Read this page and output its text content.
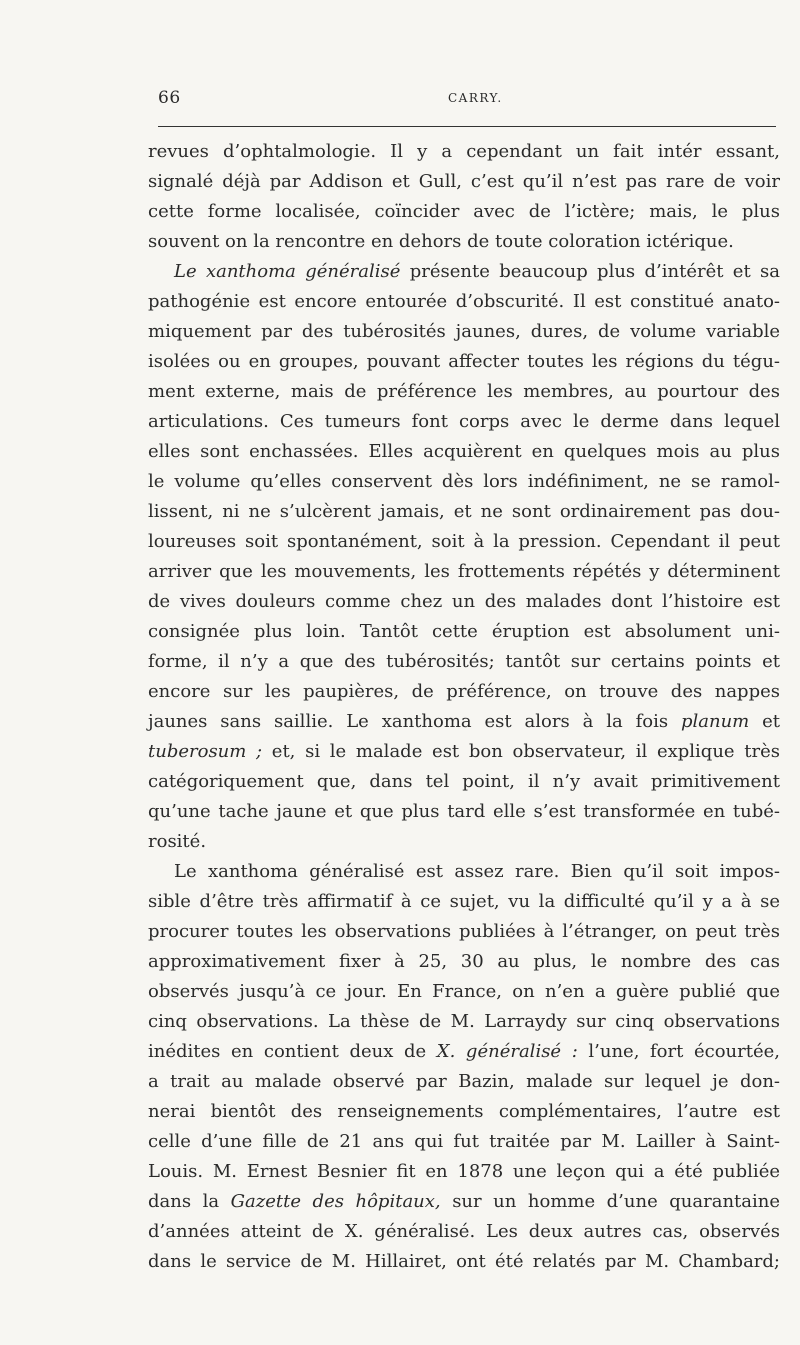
66	CARRY.
revues d’ophtalmologie. Il y a cependant un fait intér essant,
signalé déjà par Addison et Gull, c’est qu’il n’est pas rare de voir
cette forme localisée, coïncider avec de l’ictère; mais, le plus
souvent on la rencontre en dehors de toute coloration ictérique.
Le xanthoma généralisé présente beaucoup plus d’intérêt et sa
pathogénie est encore entourée d’obscurité. Il est constitué anato-
miquement par des tubérosités jaunes, dures, de volume variable
isolées ou en groupes, pouvant affecter toutes les régions du tégu-
ment externe, mais de préférence les membres, au pourtour des
articulations. Ces tumeurs font corps avec le derme dans lequel
elles sont enchassées. Elles acquièrent en quelques mois au plus
le volume qu’elles conservent dès lors indéfiniment, ne se ramol-
lissent, ni ne s’ulcèrent jamais, et ne sont ordinairement pas dou-
loureuses soit spontanément, soit à la pression. Cependant il peut
arriver que les mouvements, les frottements répétés y déterminent
de vives douleurs comme chez un des malades dont l’histoire est
consignée plus loin. Tantôt cette éruption est absolument uni-
forme, il n’y a que des tubérosités; tantôt sur certains points et
encore sur les paupières, de préférence, on trouve des nappes
jaunes sans saillie. Le xanthoma est alors à la fois planum et
tuberosum ; et, si le malade est bon observateur, il explique très
catégoriquement que, dans tel point, il n’y avait primitivement
qu’une tache jaune et que plus tard elle s’est transformée en tubé-
rosité.
Le xanthoma généralisé est assez rare. Bien qu’il soit impos-
sible d’être très affirmatif à ce sujet, vu la difficulté qu’il y a à se
procurer toutes les observations publiées à l’étranger, on peut très
approximativement fixer à 25, 30 au plus, le nombre des cas
observés jusqu’à ce jour. En France, on n’en a guère publié que
cinq observations. La thèse de M. Larraydy sur cinq observations
inédites en contient deux de X. généralisé : l’une, fort écourtée,
a trait au malade observé par Bazin, malade sur lequel je don-
nerai bientôt des renseignements complémentaires, l’autre est
celle d’une fille de 21 ans qui fut traitée par M. Lailler à Saint-
Louis. M. Ernest Besnier fit en 1878 une leçon qui a été publiée
dans la Gazette des hôpitaux, sur un homme d’une quarantaine
d’années atteint de X. généralisé. Les deux autres cas, observés
dans le service de M. Hillairet, ont été relatés par M. Chambard;
